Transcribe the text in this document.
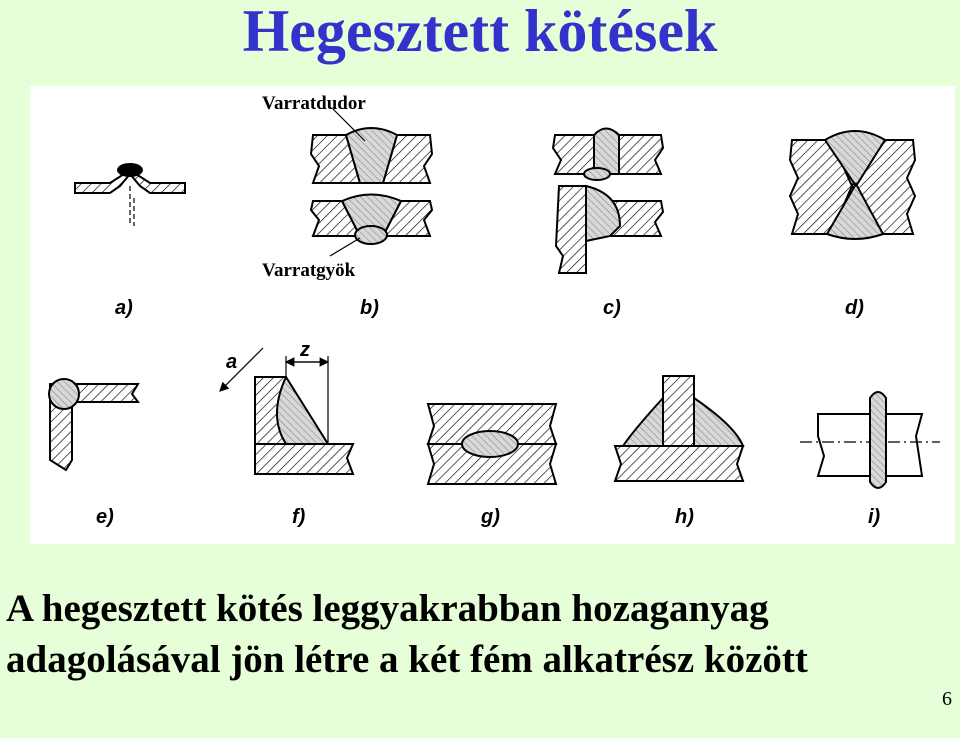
Hegesztett kötések
Varratdudor
Varratgyök
z
a
a)	b)	c)	d)
e)	f)	g)	h)	i)
A hegesztett kötés leggyakrabban hozaganyag adagolásával jön létre a két fém alkatrész között
6
